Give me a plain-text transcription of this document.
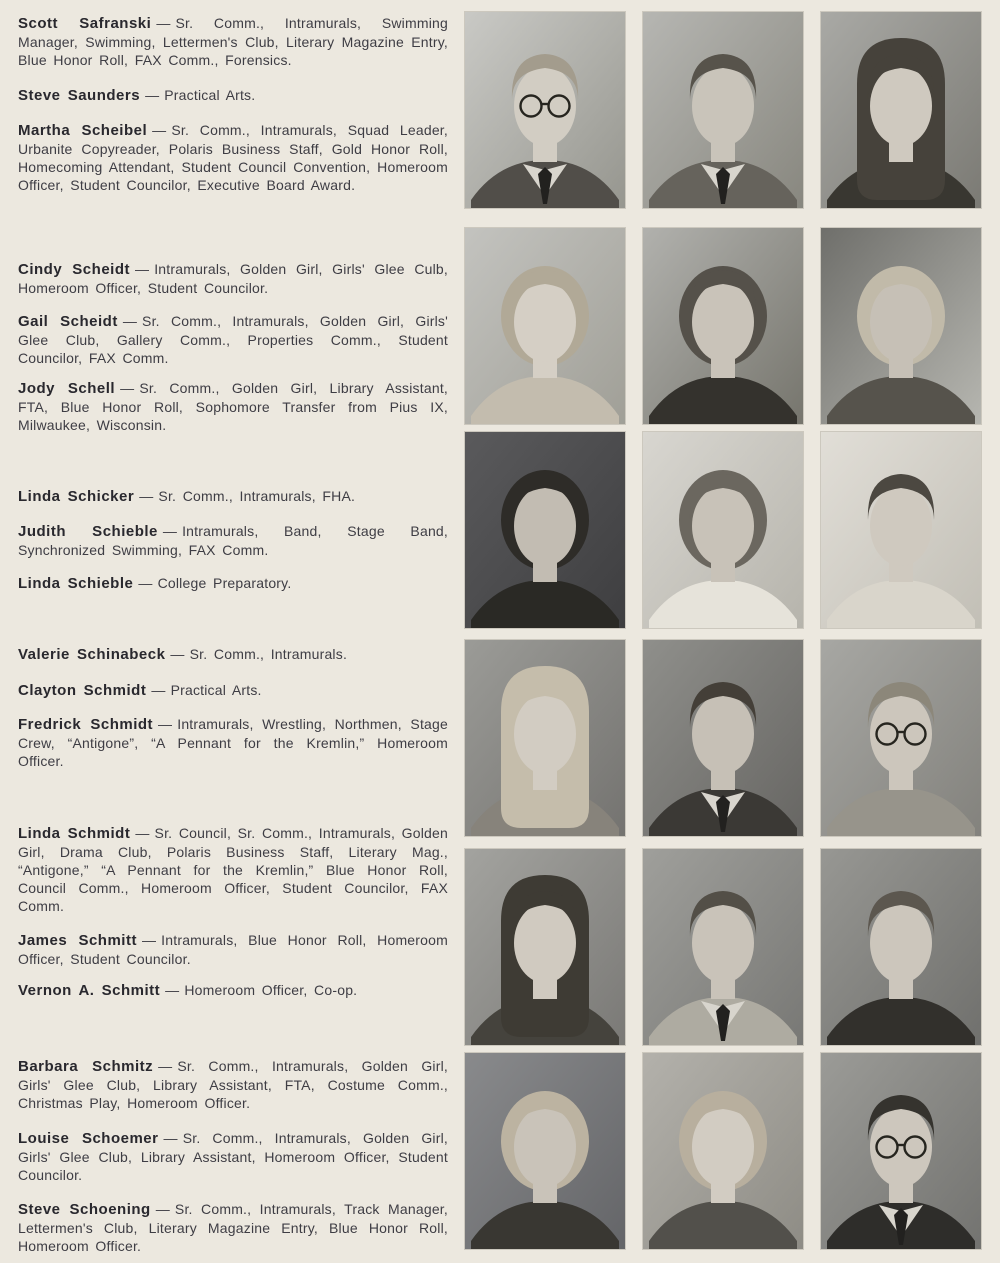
Scott Safranski — Sr. Comm., Intramurals, Swimming Manager, Swimming, Lettermen's Club, Literary Magazine Entry, Blue Honor Roll, FAX Comm., Forensics.
Steve Saunders — Practical Arts.
Martha Scheibel — Sr. Comm., Intramurals, Squad Leader, Urbanite Copyreader, Polaris Business Staff, Gold Honor Roll, Homecoming Attendant, Student Council Convention, Homeroom Officer, Student Councilor, Executive Board Award.
Cindy Scheidt — Intramurals, Golden Girl, Girls' Glee Culb, Homeroom Officer, Student Councilor.
Gail Scheidt — Sr. Comm., Intramurals, Golden Girl, Girls' Glee Club, Gallery Comm., Properties Comm., Student Councilor, FAX Comm.
Jody Schell — Sr. Comm., Golden Girl, Library Assistant, FTA, Blue Honor Roll, Sophomore Transfer from Pius IX, Milwaukee, Wisconsin.
Linda Schicker — Sr. Comm., Intramurals, FHA.
Judith Schieble — Intramurals, Band, Stage Band, Synchronized Swimming, FAX Comm.
Linda Schieble — College Preparatory.
Valerie Schinabeck — Sr. Comm., Intramurals.
Clayton Schmidt — Practical Arts.
Fredrick Schmidt — Intramurals, Wrestling, Northmen, Stage Crew, “Antigone”, “A Pennant for the Kremlin,” Homeroom Officer.
Linda Schmidt — Sr. Council, Sr. Comm., Intramurals, Golden Girl, Drama Club, Polaris Business Staff, Literary Mag., “Antigone,” “A Pennant for the Kremlin,” Blue Honor Roll, Council Comm., Homeroom Officer, Student Councilor, FAX Comm.
James Schmitt — Intramurals, Blue Honor Roll, Homeroom Officer, Student Councilor.
Vernon A. Schmitt — Homeroom Officer, Co-op.
Barbara Schmitz — Sr. Comm., Intramurals, Golden Girl, Girls' Glee Club, Library Assistant, FTA, Costume Comm., Christmas Play, Homeroom Officer.
Louise Schoemer — Sr. Comm., Intramurals, Golden Girl, Girls' Glee Club, Library Assistant, Homeroom Officer, Student Councilor.
Steve Schoening — Sr. Comm., Intramurals, Track Manager, Lettermen's Club, Literary Magazine Entry, Blue Honor Roll, Homeroom Officer.
